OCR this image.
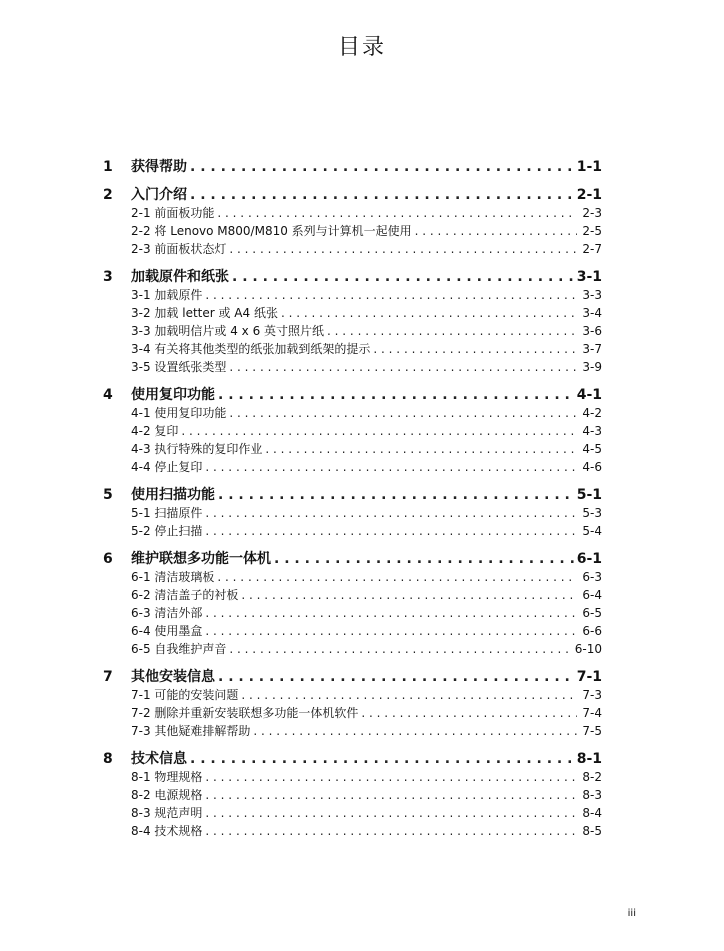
目录
1	获得帮助 . . .	1-1
2	入门介绍 . . .	2-1
2-1 前面板功能 . . .	2-3
2-2 将 Lenovo M800/M810 系列与计算机一起使用 . . .	2-5
2-3 前面板状态灯 . . .	2-7
3	加载原件和纸张 . . .	3-1
3-1 加载原件 . . .	3-3
3-2 加载 letter 或 A4 纸张 . . .	3-4
3-3 加载明信片或 4 x 6 英寸照片纸 . . .	3-6
3-4 有关将其他类型的纸张加载到纸架的提示 . . .	3-7
3-5 设置纸张类型 . . .	3-9
4	使用复印功能 . . .	4-1
4-1 使用复印功能 . . .	4-2
4-2 复印 . . .	4-3
4-3 执行特殊的复印作业 . . .	4-5
4-4 停止复印 . . .	4-6
5	使用扫描功能 . . .	5-1
5-1 扫描原件 . . .	5-3
5-2 停止扫描 . . .	5-4
6	维护联想多功能一体机 . . .	6-1
6-1 清洁玻璃板 . . .	6-3
6-2 清洁盖子的衬板 . . .	6-4
6-3 清洁外部 . . .	6-5
6-4 使用墨盒 . . .	6-6
6-5 自我维护声音 . . .	6-10
7	其他安装信息 . . .	7-1
7-1 可能的安装问题 . . .	7-3
7-2 删除并重新安装联想多功能一体机软件 . . .	7-4
7-3 其他疑难排解帮助 . . .	7-5
8	技术信息 . . .	8-1
8-1 物理规格 . . .	8-2
8-2 电源规格 . . .	8-3
8-3 规范声明 . . .	8-4
8-4 技术规格 . . .	8-5
iii
